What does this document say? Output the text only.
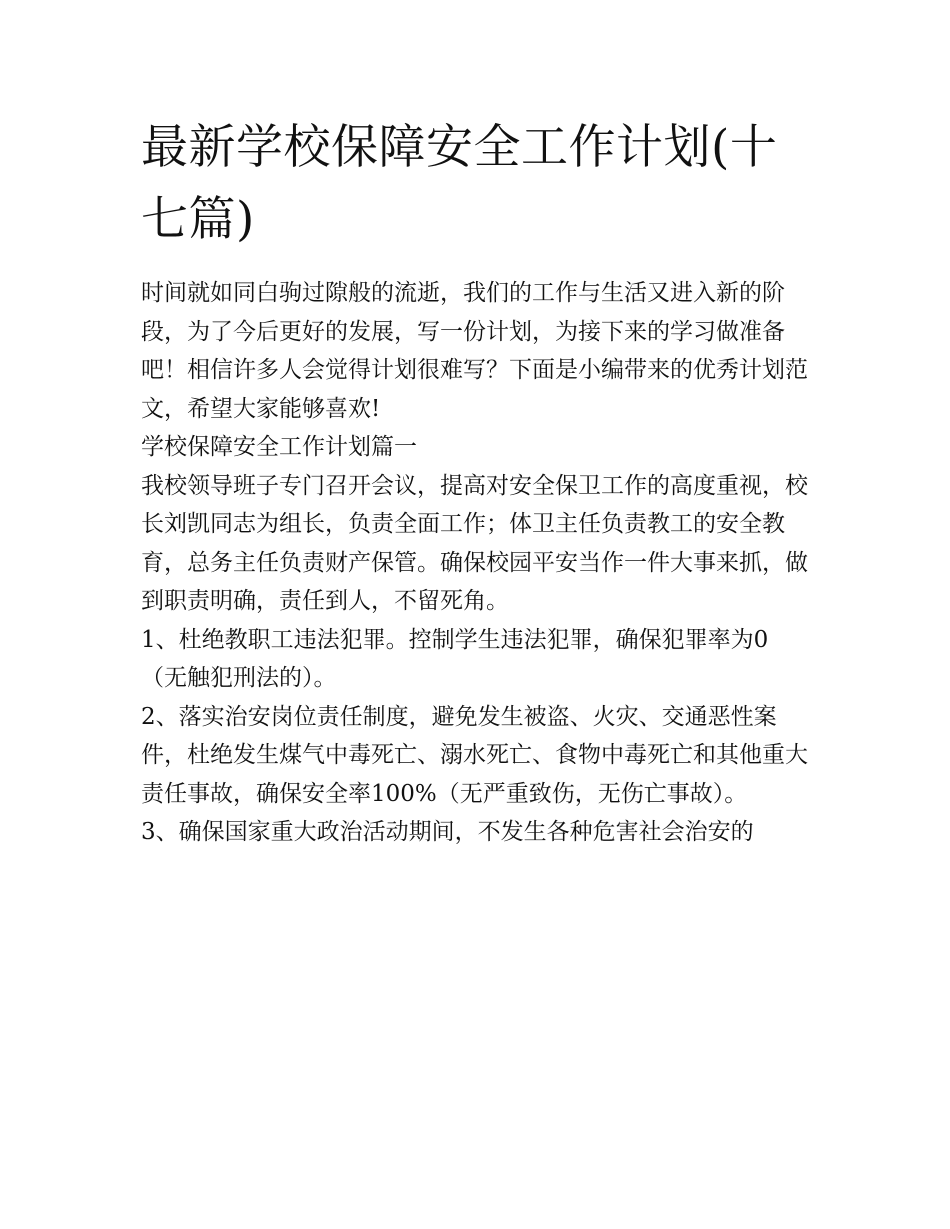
最新学校保障安全工作计划(十七篇)

时间就如同白驹过隙般的流逝，我们的工作与生活又进入新的阶段，为了今后更好的发展，写一份计划，为接下来的学习做准备吧！相信许多人会觉得计划很难写？下面是小编带来的优秀计划范文，希望大家能够喜欢!

学校保障安全工作计划篇一

我校领导班子专门召开会议，提高对安全保卫工作的高度重视，校长刘凯同志为组长，负责全面工作；体卫主任负责教工的安全教育，总务主任负责财产保管。确保校园平安当作一件大事来抓，做到职责明确，责任到人，不留死角。

1、杜绝教职工违法犯罪。控制学生违法犯罪，确保犯罪率为0（无触犯刑法的）。

2、落实治安岗位责任制度，避免发生被盗、火灾、交通恶性案件，杜绝发生煤气中毒死亡、溺水死亡、食物中毒死亡和其他重大责任事故，确保安全率100%（无严重致伤，无伤亡事故）。

3、确保国家重大政治活动期间，不发生各种危害社会治安的
